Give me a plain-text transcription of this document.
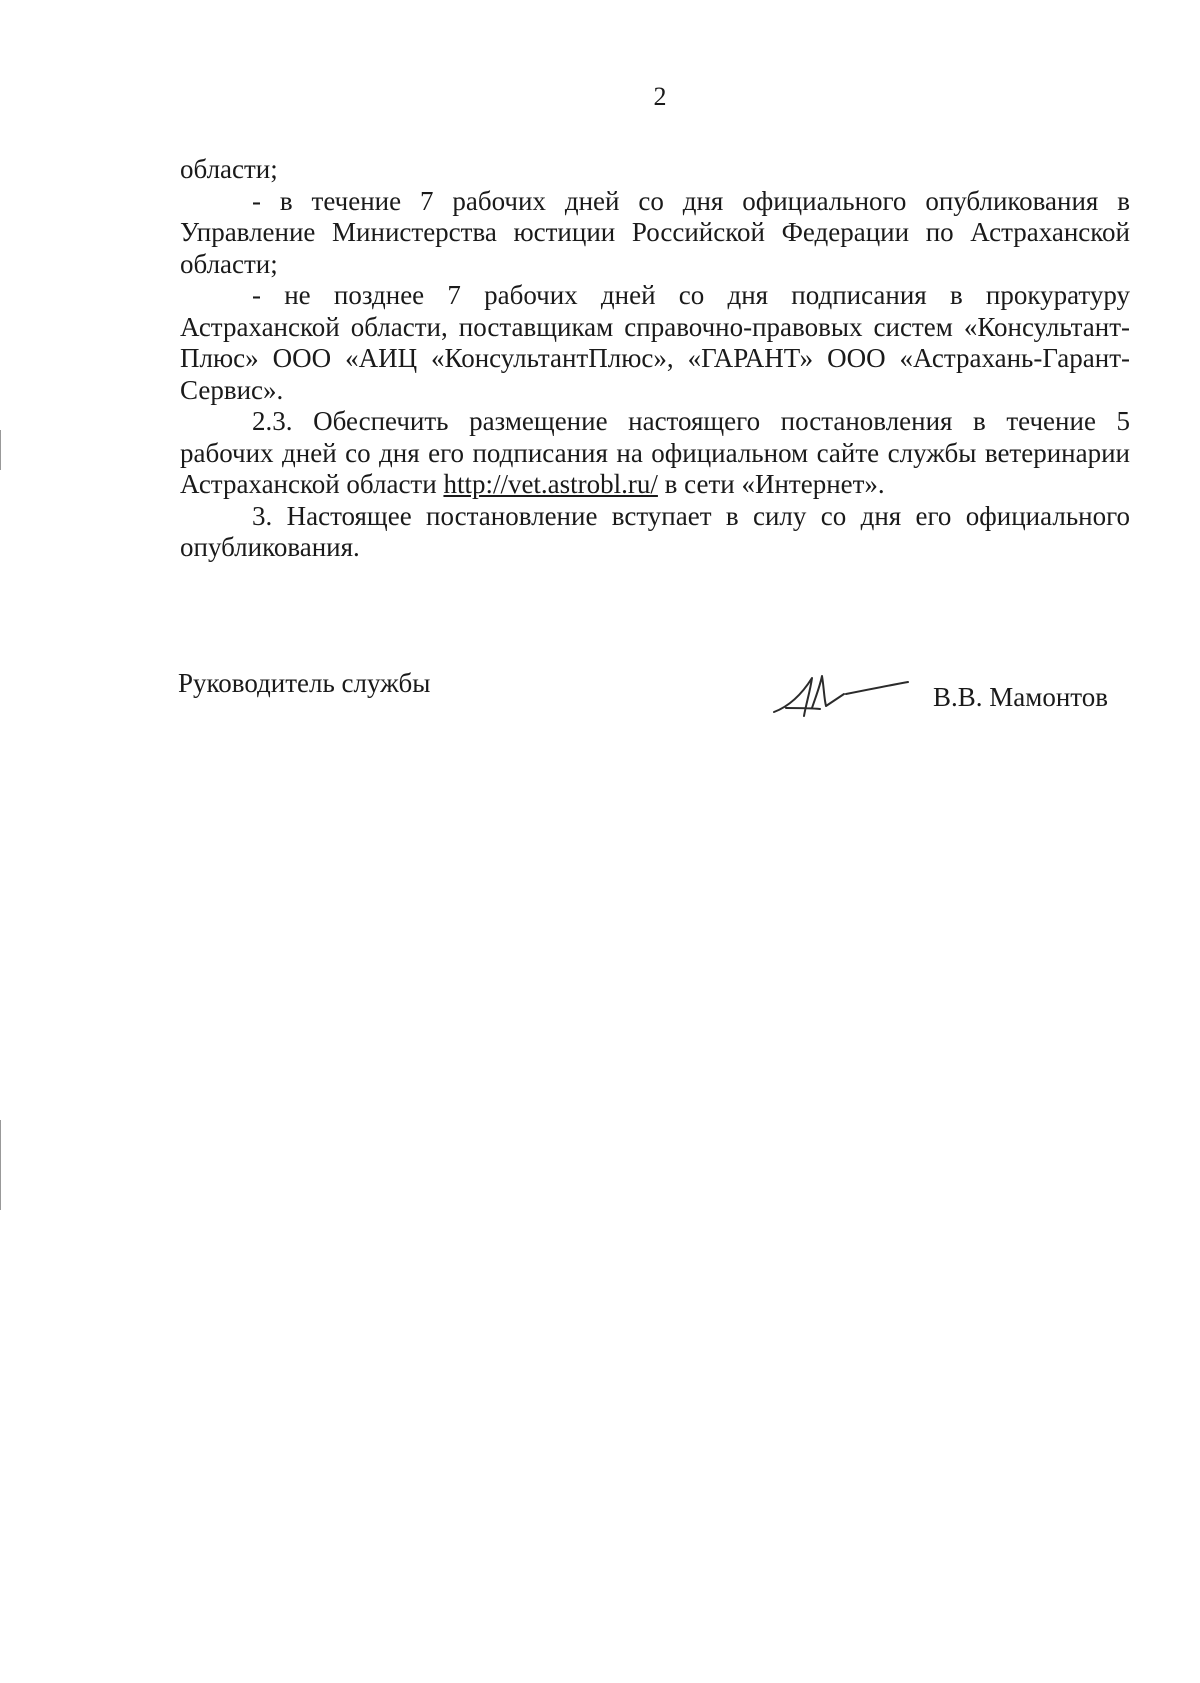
2

области;

- в течение 7 рабочих дней со дня официального опубликования в Управление Министерства юстиции Российской Федерации по Астраханской области;

- не позднее 7 рабочих дней со дня подписания в прокуратуру Астраханской области, поставщикам справочно-правовых систем «Консультант-Плюс» ООО «АИЦ «КонсультантПлюс», «ГАРАНТ» ООО «Астрахань-Гарант-Сервис».

2.3. Обеспечить размещение настоящего постановления в течение 5 рабочих дней со дня его подписания на официальном сайте службы ветеринарии Астраханской области http://vet.astrobl.ru/ в сети «Интернет».

3. Настоящее постановление вступает в силу со дня его официального опубликования.

Руководитель службы	В.В. Мамонтов
